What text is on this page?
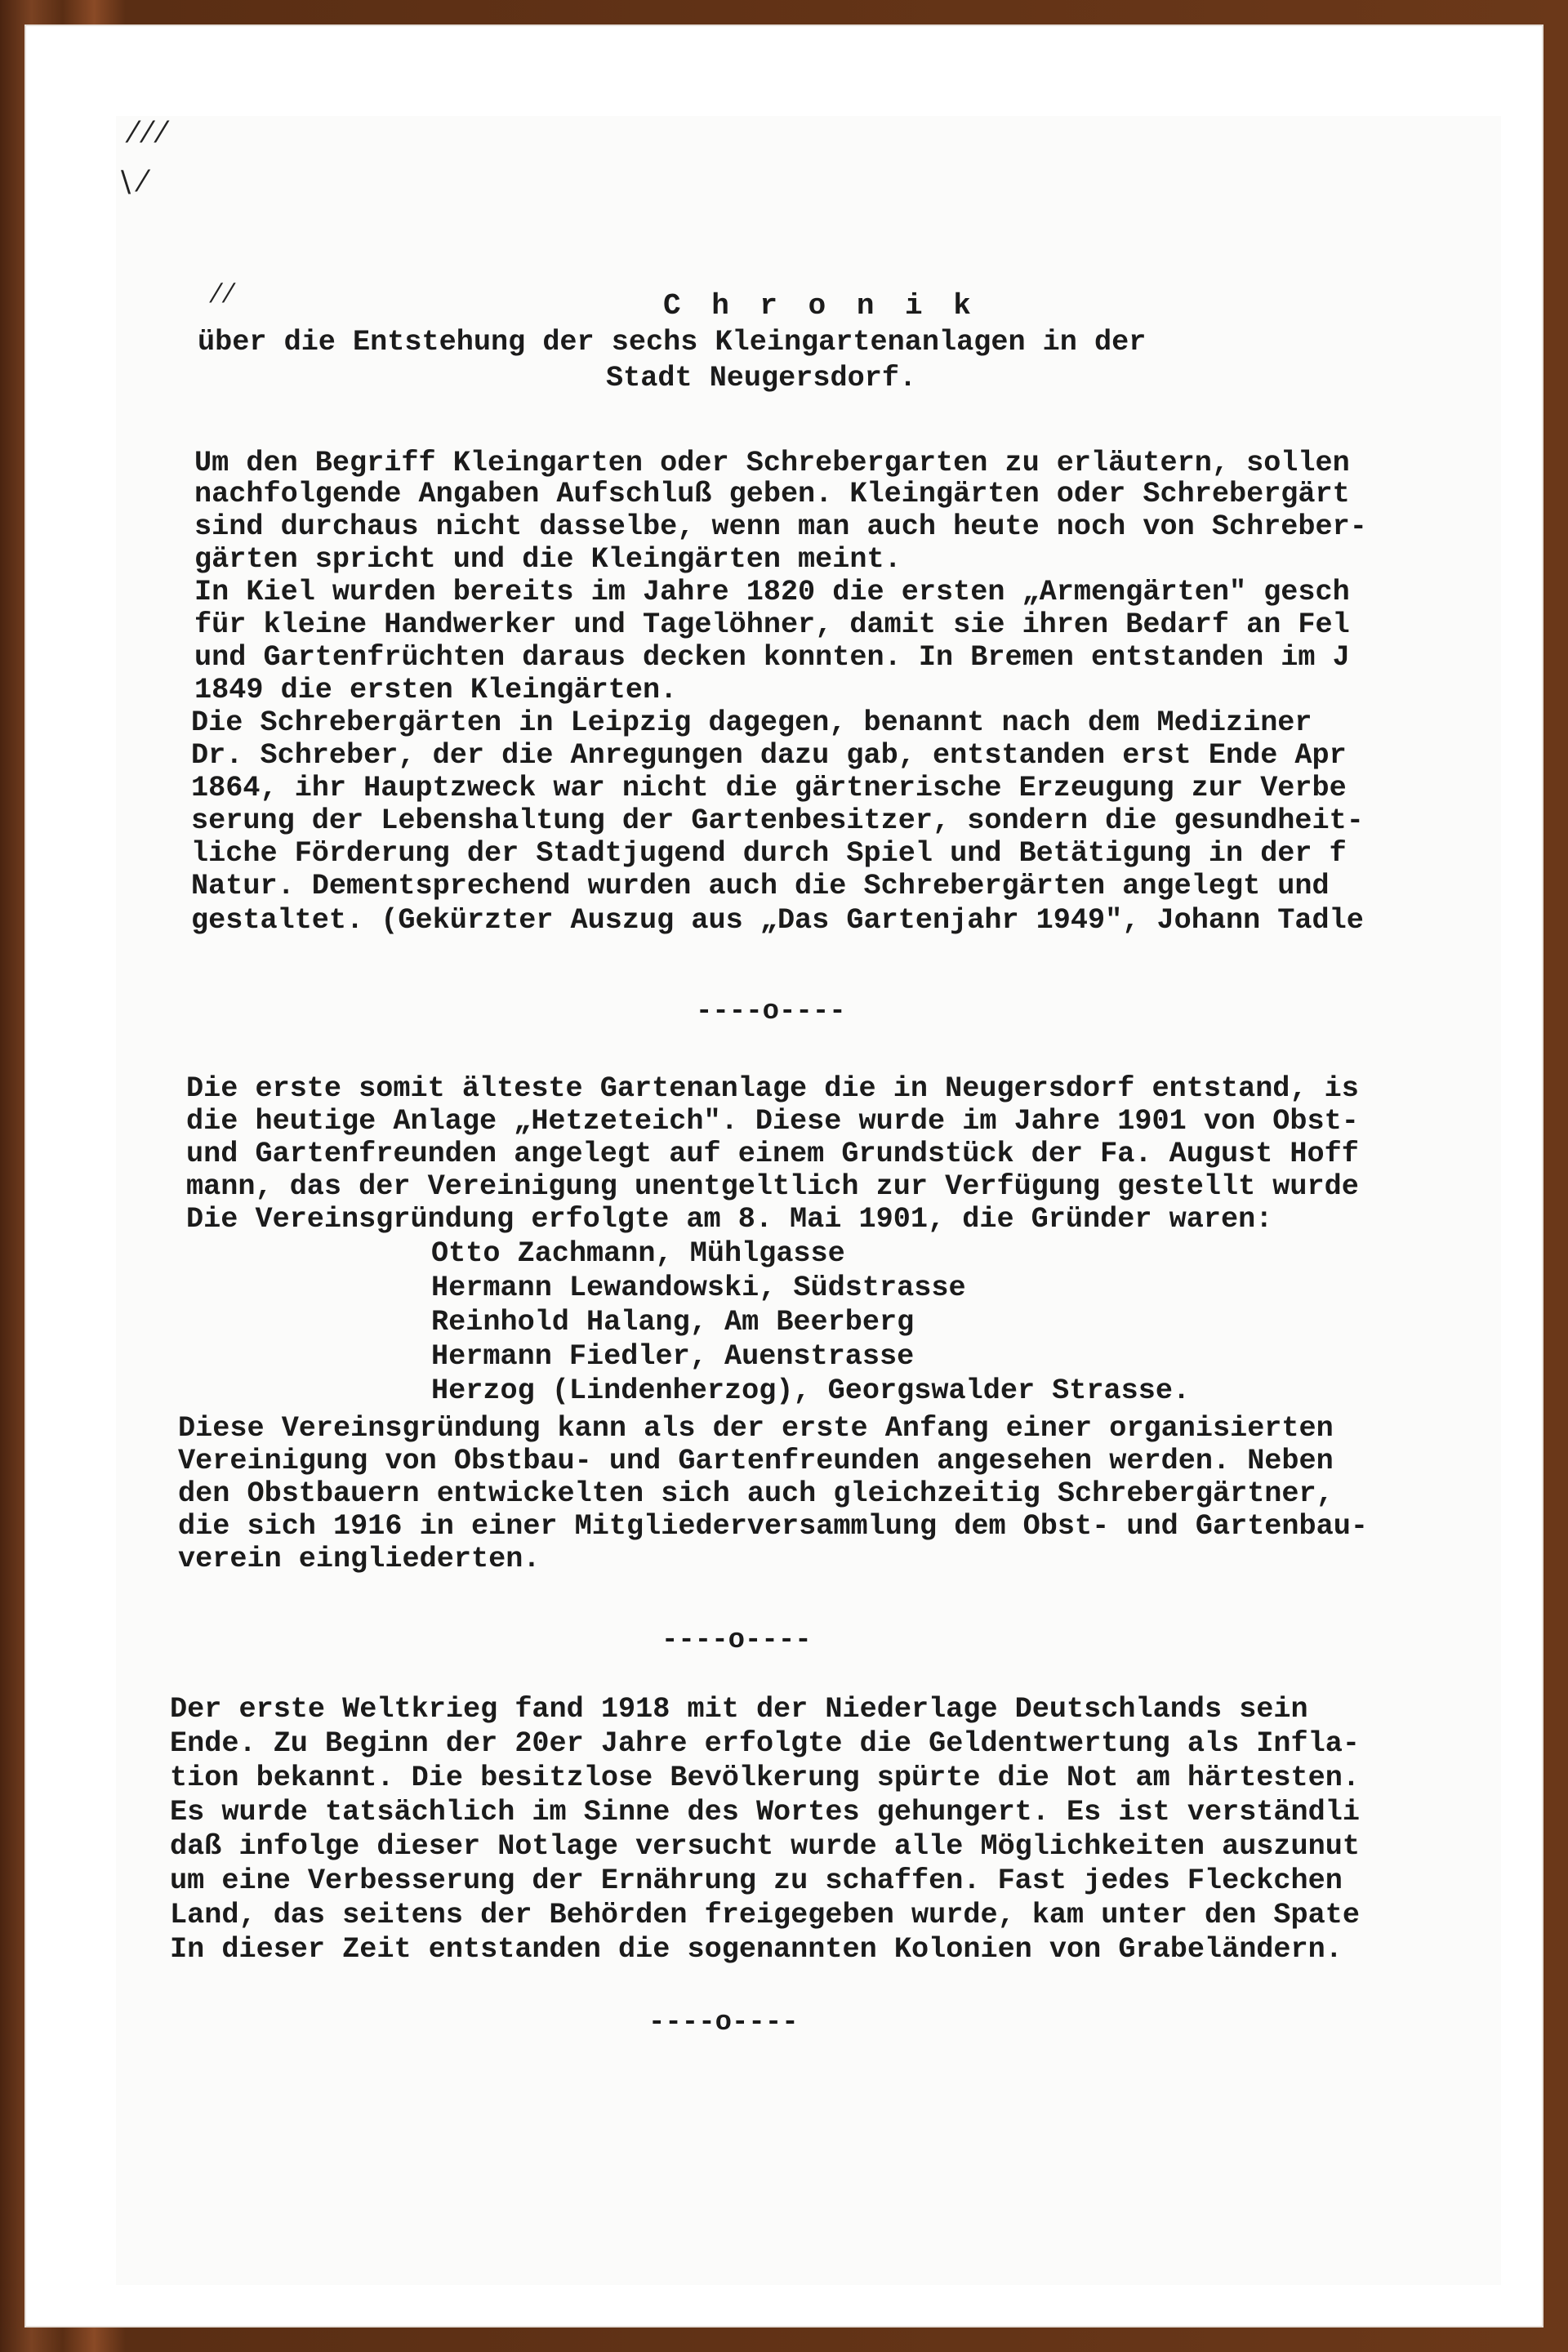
⁄ ⁄ ⁄
\ ⁄
⁄ ⁄	C h r o n i k
über die Entstehung der sechs Kleingartenanlagen in der
Stadt Neugersdorf.
Um den Begriff Kleingarten oder Schrebergarten zu erläutern, sollen
nachfolgende Angaben Aufschluß geben. Kleingärten oder Schrebergärt
sind durchaus nicht dasselbe, wenn man auch heute noch von Schreber-
gärten spricht und die Kleingärten meint.
In Kiel wurden bereits im Jahre 1820 die ersten „Armengärten" gesch
für kleine Handwerker und Tagelöhner, damit sie ihren Bedarf an Fel
und Gartenfrüchten daraus decken konnten. In Bremen entstanden im J
1849 die ersten Kleingärten.
Die Schrebergärten in Leipzig dagegen, benannt nach dem Mediziner
Dr. Schreber, der die Anregungen dazu gab, entstanden erst Ende Apr
1864, ihr Hauptzweck war nicht die gärtnerische Erzeugung zur Verbe
serung der Lebenshaltung der Gartenbesitzer, sondern die gesundheit-
liche Förderung der Stadtjugend durch Spiel und Betätigung in der f
Natur. Dementsprechend wurden auch die Schrebergärten angelegt und
gestaltet. (Gekürzter Auszug aus „Das Gartenjahr 1949", Johann Tadle
----o----
Die erste somit älteste Gartenanlage die in Neugersdorf entstand, is
die heutige Anlage „Hetzeteich". Diese wurde im Jahre 1901 von Obst-
und Gartenfreunden angelegt auf einem Grundstück der Fa. August Hoff
mann, das der Vereinigung unentgeltlich zur Verfügung gestellt wurde
Die Vereinsgründung erfolgte am 8. Mai 1901, die Gründer waren:
Otto Zachmann, Mühlgasse
Hermann Lewandowski, Südstrasse
Reinhold Halang, Am Beerberg
Hermann Fiedler, Auenstrasse
Herzog (Lindenherzog), Georgswalder Strasse.
Diese Vereinsgründung kann als der erste Anfang einer organisierten
Vereinigung von Obstbau- und Gartenfreunden angesehen werden. Neben
den Obstbauern entwickelten sich auch gleichzeitig Schrebergärtner,
die sich 1916 in einer Mitgliederversammlung dem Obst- und Gartenbau-
verein eingliederten.
----o----
Der erste Weltkrieg fand 1918 mit der Niederlage Deutschlands sein
Ende. Zu Beginn der 20er Jahre erfolgte die Geldentwertung als Infla-
tion bekannt. Die besitzlose Bevölkerung spürte die Not am härtesten.
Es wurde tatsächlich im Sinne des Wortes gehungert. Es ist verständli
daß infolge dieser Notlage versucht wurde alle Möglichkeiten auszunut
um eine Verbesserung der Ernährung zu schaffen. Fast jedes Fleckchen
Land, das seitens der Behörden freigegeben wurde, kam unter den Spate
In dieser Zeit entstanden die sogenannten Kolonien von Grabeländern.
----o----
